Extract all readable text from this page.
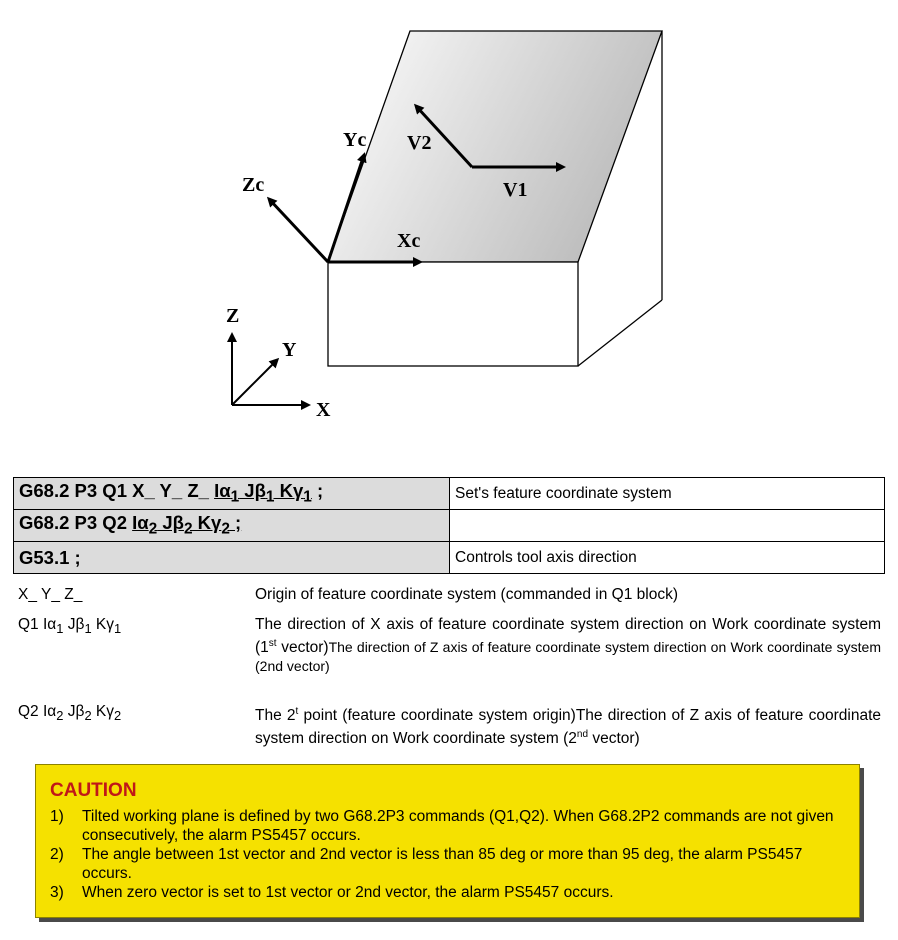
Yc V2
V1
Zc
Xc
Z
Y
X
G68.2 P3 Q1 X_ Y_ Z_ $I\alpha_1$ $J\beta_1$ $K\gamma_1$ ;	Set's feature coordinate system
G68.2 P3 Q2 $I\alpha_2$ $J\beta_2$ $K\gamma_2$ ;	
G53.1 ;	Controls tool axis direction
X_ Y_ Z_	Origin of feature coordinate system (commanded in Q1 block)
Q1 $I\alpha_1$ $J\beta_1$ $K\gamma_1$	The direction of X axis of feature coordinate system direction on Work coordinate system (1st vector)The direction of Z axis of feature coordinate system direction on Work coordinate system (2nd vector)
Q2 $I\alpha_2$ $J\beta_2$ $K\gamma_2$	The 2$^t$ point (feature coordinate system origin)The direction of Z axis of feature coordinate system direction on Work coordinate system (2nd vector)
CAUTION
1) Tilted working plane is defined by two G68.2P3 commands (Q1,Q2). When G68.2P2 commands are not given consecutively, the alarm PS5457 occurs.
2) The angle between 1st vector and 2nd vector is less than 85 deg or more than 95 deg, the alarm PS5457 occurs.
3) When zero vector is set to 1st vector or 2nd vector, the alarm PS5457 occurs.
